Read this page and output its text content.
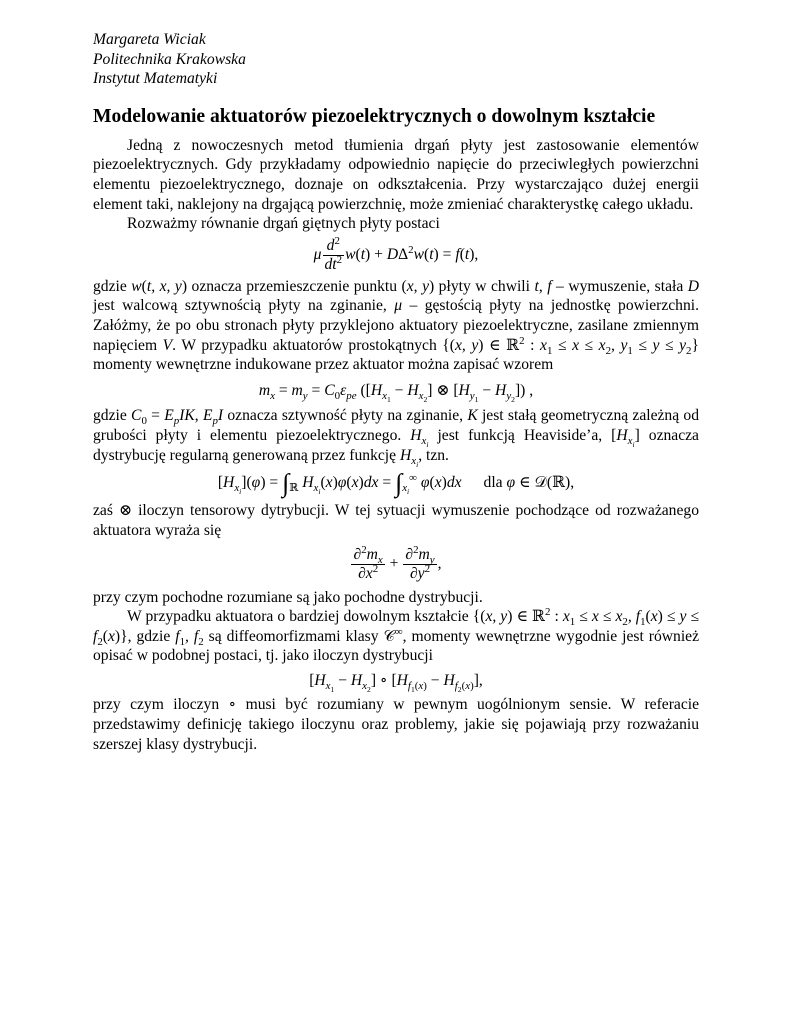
Margareta Wiciak

Politechnika Krakowska

Instytut Matematyki

Modelowanie aktuatorów piezoelektrycznych o dowolnym kształcie

Jedną z nowoczesnych metod tłumienia drgań płyty jest zastosowanie elementów piezoelektrycznych. Gdy przykładamy odpowiednio napięcie do przeciwległych powierzchni elementu piezoelektrycznego, doznaje on odkształcenia. Przy wystarczająco dużej energii element taki, naklejony na drgającą powierzchnię, może zmieniać charakterystkę całego układu.

Rozważmy równanie drgań giętnych płyty postaci

μ $\frac{d^2}{dt^2} w(t) + D\Delta^2w(t) = f(t)$,

gdzie w(t, x, y) oznacza przemieszczenie punktu (x, y) płyty w chwili t, f – wymuszenie, stała D jest walcową sztywnością płyty na zginanie, μ – gęstością płyty na jednostkę powierzchni. Załóżmy, że po obu stronach płyty przyklejono aktuatory piezoelektryczne, zasilane zmiennym napięciem V. W przypadku aktuatorów prostokątnych {(x, y) ∈ ℝ$^2$ : $x_1 \le x \le x_2$, $y_1 \le y \le y_2$} momenty wewnętrzne indukowane przez aktuator można zapisać wzorem

$m_x = m_y = C_0\varepsilon_{pe}$ ($[H_{x_1} - H_{x_2}]$ ⊗ $[H_{y_1} - H_{y_2}]$) ,

gdzie $C_0 = E_pIK$, $E_pI$ oznacza sztywność płyty na zginanie, K jest stałą geometryczną zależną od grubości płyty i elementu piezoelektrycznego. $H_{x_i}$ jest funkcją Heaviside’a, $[H_{x_i}]$ oznacza dystrybucję regularną generowaną przez funkcję $H_{x_i}$, tzn.

$[H_{x_i}](\varphi) = \int_ℝ$ $H_{x_i}(x)\varphi(x)dx = \int_{x_i}^\infty$ φ(x)dx dla φ ∈ 𝒟(ℝ),

zaś ⊗ iloczyn tensorowy dytrybucji. W tej sytuacji wymuszenie pochodzące od rozważanego aktuatora wyraża się

$\frac{\partial^2m_x}{\partial x^2} + \frac{\partial^2m_y}{\partial y^2}$ ,

przy czym pochodne rozumiane są jako pochodne dystrybucji.

W przypadku aktuatora o bardziej dowolnym kształcie {(x, y) ∈ ℝ$^2$ : $x_1 \le x \le x_2$, $f_1(x) \le y \le f_2(x)$}, gdzie $f_1$, $f_2$ są diffeomorfizmami klasy 𝒞∞, momenty wewnętrzne wygodnie jest również opisać w podobnej postaci, tj. jako iloczyn dystrybucji

$[H_{x_1} - H_{x_2}]$ ∘ $[H_{f_1(x)} - H_{f_2(x)}]$,

przy czym iloczyn ∘ musi być rozumiany w pewnym uogólnionym sensie. W referacie przedstawimy definicję takiego iloczynu oraz problemy, jakie się pojawiają przy rozważaniu szerszej klasy dystrybucji.
